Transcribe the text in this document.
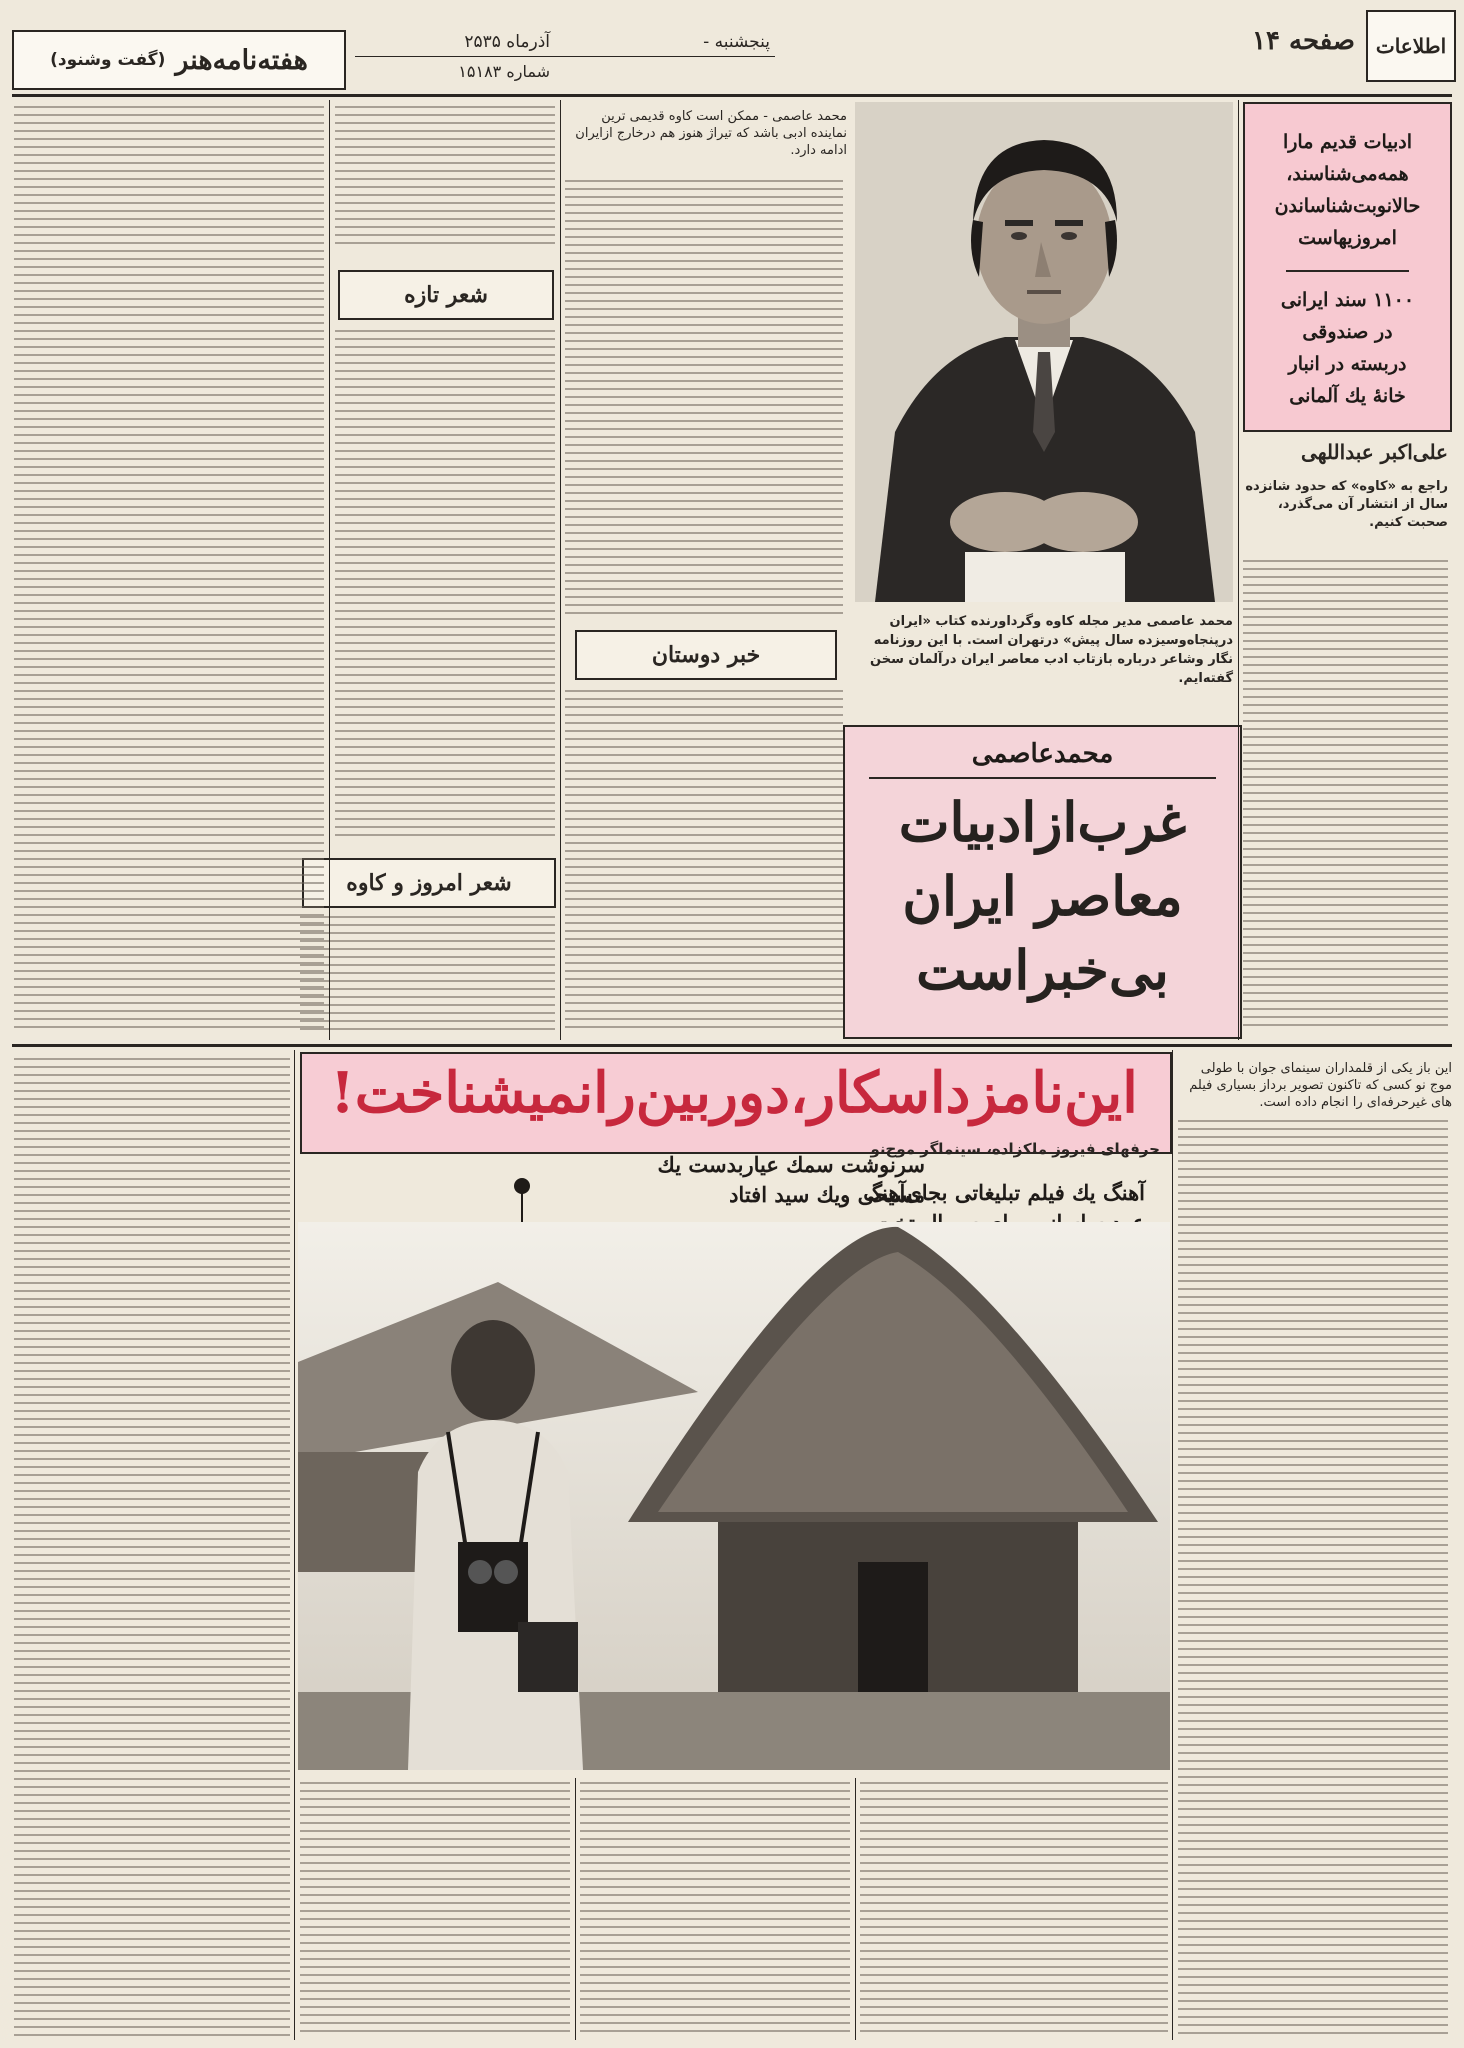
اطلاعات
صفحه ۱۴
پنجشنبه -
آذرماه ۲۵۳۵
شماره ۱۵۱۸۳
هفته‌نامه‌هنر
(گفت وشنود)
ادبیات قدیم مارا
همه‌می‌شناسند،
حالانوبت‌شناساندن
امروزیهاست
۱۱۰۰ سند ایرانی
در صندوقی
دربسته در انبار
خانهٔ یك آلمانی
علی‌اکبر عبداللهی
راجع به «کاوه» که حدود شانزده سال از انتشار آن می‌گذرد، صحبت کنیم.
محمد عاصمی مدیر مجله کاوه وگرداورنده کتاب «ایران درپنجاه‌وسیزده سال پیش» درتهران است. با این روزنامه نگار وشاعر درباره بازتاب ادب معاصر ایران درآلمان سخن گفته‌ایم.
محمدعاصمی
غرب‌ازادبیات
معاصر ایران
بی‌خبراست
محمد عاصمی - ممکن است کاوه قدیمی ترین نماینده ادبی باشد که تیراژ هنوز هم درخارج ازایران ادامه دارد.
خبر دوستان
شعر تازه
شعر امروز و کاوه
این باز یکی از قلمداران سینمای جوان با طولی موج نو کسی که تاکنون تصویر برداز بسیاری فیلم های غیرحرفه‌ای را انجام داده است.
این‌نامزداسکار،دوربین‌رانمیشناخت!
حرفهای فیروز ملکزاده، سینماگر موج‌نو
سرنوشت سمك عیاربدست یك
مسیحی ویك سید افتاد
آهنگ یك فیلم تبلیغاتی بجای‌آهنگ
